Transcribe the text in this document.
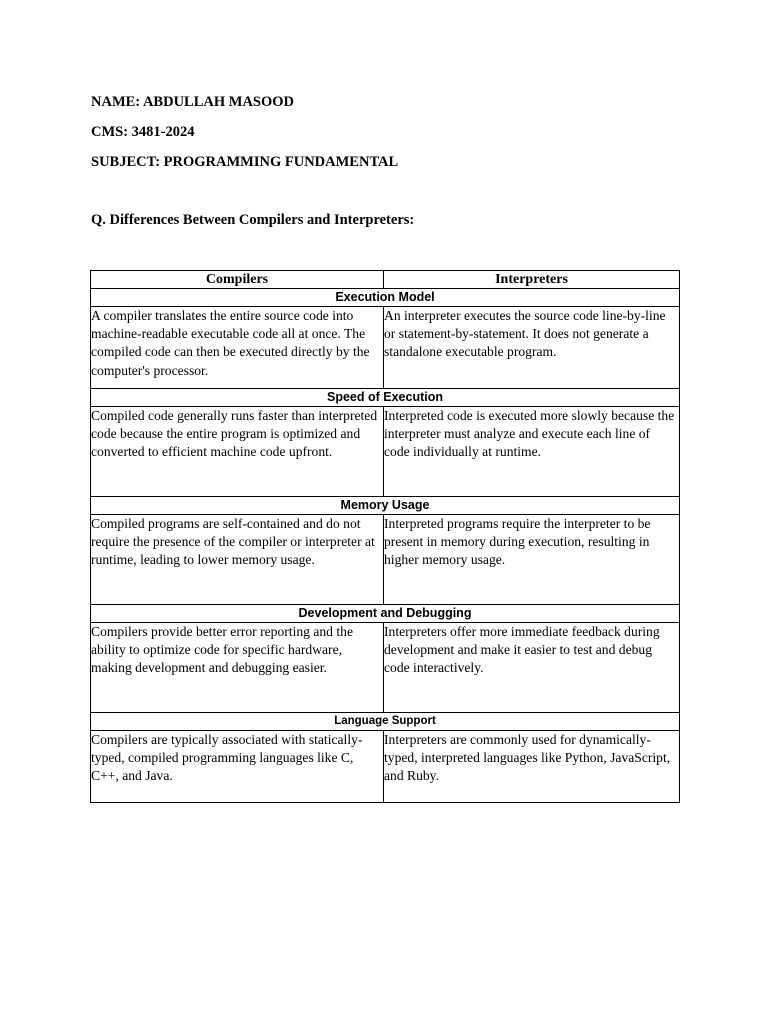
NAME: ABDULLAH MASOOD
CMS: 3481-2024
SUBJECT: PROGRAMMING FUNDAMENTAL
Q. Differences Between Compilers and Interpreters:
Compilers	Interpreters
Execution Model	
A compiler translates the entire source code into machine-readable executable code all at once. The compiled code can then be executed directly by the computer's processor.	An interpreter executes the source code line-by-line or statement-by-statement. It does not generate a standalone executable program.
Speed of Execution	
Compiled code generally runs faster than interpreted code because the entire program is optimized and converted to efficient machine code upfront.	Interpreted code is executed more slowly because the interpreter must analyze and execute each line of code individually at runtime.
Memory Usage	
Compiled programs are self-contained and do not require the presence of the compiler or interpreter at runtime, leading to lower memory usage.	Interpreted programs require the interpreter to be present in memory during execution, resulting in higher memory usage.
Development and Debugging	
Compilers provide better error reporting and the ability to optimize code for specific hardware, making development and debugging easier.	Interpreters offer more immediate feedback during development and make it easier to test and debug code interactively.
Language Support	
Compilers are typically associated with statically-typed, compiled programming languages like C, C++, and Java.	Interpreters are commonly used for dynamically-typed, interpreted languages like Python, JavaScript, and Ruby.
